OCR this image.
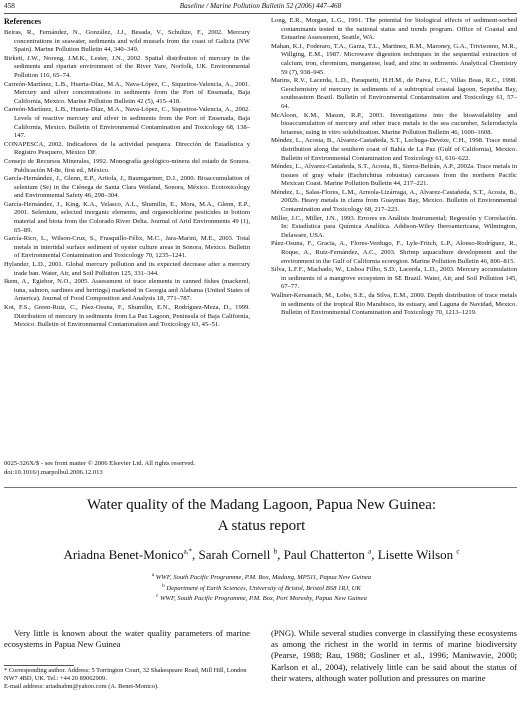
458	Baseline / Marine Pollution Bulletin 52 (2006) 447–468
References

Beiras, R., Fernández, N., González, J.J., Besada, V., Schultze, F., 2002. Mercury concentrations in seawater, sediments and wild mussels from the coast of Galicia (NW Spain). Marine Pollution Bulletin 44, 340–349.

Birkett, J.W., Noreng, J.M.K., Lester, J.N., 2002. Spatial distribution of mercury in the sediments and riparian environment of the River Yare, Norfolk, UK. Environmental Pollution 116, 65–74.

Carreón-Martínez, L.B., Huerta-Díaz, M.A., Nava-López, C., Siqueiros-Valencia, A., 2001. Mercury and silver concentrations in sediments from the Port of Ensenada, Baja California, Mexico. Marine Pollution Bulletin 42 (5), 415–418.

Carreón-Martínez, L.B., Huerta-Díaz, M.A., Nava-López, C., Siqueiros-Valencia, A., 2002. Levels of reactive mercury and silver in sediments from the Port of Ensenada, Baja California, Mexico. Bulletin of Environmental Contamination and Toxicology 68, 138–147.

CONAPESCA, 2002. Indicadores de la actividad pesquera. Dirección de Estadística y Registro Pesquero, México DF.

Consejo de Recursos Minerales, 1992. Monografía geológico-minera del estado de Sonora. Publicación M-8e, first ed., México.

García-Hernández, J., Glenn, E.P., Artiola, J., Baumgartner, D.J., 2000. Bioaccumulation of selenium (Se) in the Ciénega de Santa Clara Wetland, Sonora, México. Ecotoxicology and Environmental Safety 46, 298–304.

García-Hernández, J., King, K.A., Velasco, A.L., Shumilin, E., Mora, M.A., Glenn, E.P., 2001. Selenium, selected inorganic elements, and organochlorine pesticides in bottom material and biota from the Colorado River Delta. Journal of Arid Environments 49 (1), 65–89.

García-Rico, L., Wilson-Cruz, S., Frasquillo-Félix, M.C., Jara-Marini, M.E., 2003. Total metals in intertidal surface sediment of oyster culture areas in Sonora, Mexico. Bulletin of Environmental Contamination and Toxicology 70, 1235–1241.

Hylander, L.D., 2001. Global mercury pollution and its expected decrease after a mercury trade ban. Water, Air, and Soil Pollution 125, 331–344.

Ikem, A., Egiebor, N.O., 2005. Assessment of trace elements in canned fishes (mackerel, tuna, salmon, sardines and herrings) marketed in Georgia and Alabama (United States of America). Journal of Food Composition and Analysis 18, 771–787.

Kot, F.S., Green-Ruiz, C., Páez-Osuna, F., Shumilin, E.N., Rodríguez-Meza, D., 1999. Distribution of mercury in sediments from La Paz Lagoon, Peninsula of Baja California, Mexico. Bulletin of Environmental Contamination and Toxicology 63, 45–51.

Long, E.R., Morgan, L.G., 1991. The potential for biological effects of sediment-sorbed contaminants tested in the national status and trends program. Office of Coastal and Estuarine Assessment, Seattle, WA.

Mahan, K.I., Foderaro, T.A., Garza, T.L., Martinez, R.M., Maroney, G.A., Trivisonno, M.R., Willging, E.M., 1987. Microwave digestion techniques in the sequential extraction of calcium, iron, chromium, manganese, lead, and zinc in sediments. Analytical Chemistry 59 (7), 938–945.

Marins, R.V., Lacerda, L.D., Paraquetti, H.H.M., de Paiva, E.C., Villas Boas, R.C., 1998. Geochemistry of mercury in sediments of a subtropical coastal lagoon, Sepetiba Bay, southeastern Brazil. Bulletin of Environmental Contamination and Toxicology 61, 57–64.

McAloon, K.M., Mason, R.P., 2003. Investigations into the bioavailability and bioaccumulation of mercury and other trace metals to the sea cucumber, Sclerodactyla briareus, using in vitro solubilization. Marine Pollution Bulletin 46, 1600–1608.

Méndez, L., Acosta, B., Alvarez-Castañeda, S.T., Lechuga-Devéze, C.H., 1998. Trace metal distribution along the southern coast of Bahía de La Paz (Gulf of California), Mexico. Bulletin of Environmental Contamination and Toxicology 61, 616–622.

Méndez, L., Alvarez-Castañeda, S.T., Acosta, B., Sierra-Beltrán, A.P., 2002a. Trace metals in tissues of gray whale (Eschrichtius robustus) carcasses from the northern Pacific Mexican Coast. Marine Pollution Bulletin 44, 217–221.

Méndez, L., Salas-Flores, L.M., Arreola-Lizárraga, A., Alvarez-Castañeda, S.T., Acosta, B., 2002b. Heavy metals in clams from Guaymas Bay, Mexico. Bulletin of Environmental Contamination and Toxicology 68, 217–223.

Miller, J.C., Miller, J.N., 1993. Errores en Análisis Instrumental; Regresión y Correlación. In: Estadística para Química Analítica. Addison-Wiley Iberoamericana, Wilmington, Delaware, USA.

Páez-Osuna, F., Gracia, A., Flores-Verdugo, F., Lyle-Fritch, L.P., Alonso-Rodríguez, R., Roque, A., Ruiz-Fernández, A.C., 2003. Shrimp aquaculture development and the environment in the Gulf of California ecoregion. Marine Pollution Bulletin 46, 806–815.

Silva, L.F.F., Machado, W., Lisboa Filho, S.D., Lacerda, L.D., 2003. Mercury accumulation in sediments of a mangrove ecosystem in SE Brazil. Water, Air, and Soil Pollution 145, 67–77.

Wallner-Kersanach, M., Lobo, S.E., da Silva, E.M., 2000. Depth distribution of trace metals in sediments of the tropical Rio Marabisco, its estuary, and Laguna de Navidad, Mexico. Bulletin of Environmental Contamination and Toxicology 70, 1213–1219.

0025-326X/$ - see front matter © 2006 Elsevier Ltd. All rights reserved.
doi:10.1016/j.marpolbul.2006.12.013
Water quality of the Madang Lagoon, Papua New Guinea:
A status report
Ariadna Benet-Monico$^{a,*}$, Sarah Cornell $^b$, Paul Chatterton $^a$, Lisette Wilson $^c$
$^a$ WWF, South Pacific Programme, P.M. Box, Madang, MP511, Papua New Guinea
$^b$ Department of Earth Sciences, University of Bristol, Bristol BS8 1RJ, UK
$^c$ WWF, South Pacific Programme, P.M. Box, Port Moresby, Papua New Guinea
Very little is known about the water quality parameters of marine ecosystems in Papua New Guinea
(PNG). While several studies converge in classifying these ecosystems as among the richest in the world in terms of marine biodiversity (Pearse, 1988; Rau, 1988; Gosliner et al., 1996; Maniwavie, 2000; Karlson et al., 2004), relatively little can be said about the status of their waters, although water pollution and pressures on marine
* Corresponding author. Address: 5 Torrington Court, 32 Shakespeare Road, Mill Hill, London NW7 4BD, UK. Tel.: +44 20 89062909.
E-mail address: ariadnabm@yahoo.com (A. Benet-Monico).
